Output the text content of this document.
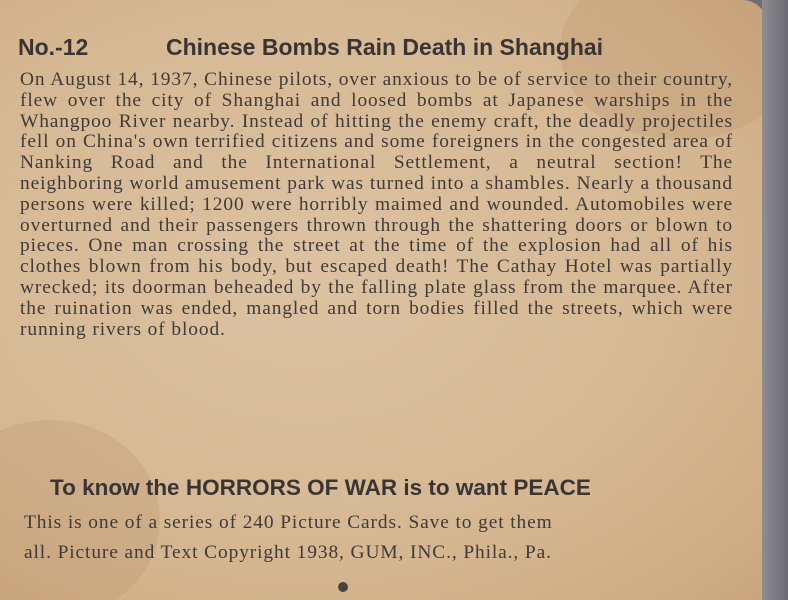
No.-12	Chinese Bombs Rain Death in Shanghai

On August 14, 1937, Chinese pilots, over anxious to be of service to their country, flew over the city of Shanghai and loosed bombs at Japanese warships in the Whangpoo River nearby. Instead of hitting the enemy craft, the deadly projectiles fell on China's own terrified citizens and some foreigners in the congested area of Nanking Road and the International Settlement, a neutral section! The neighboring world amusement park was turned into a shambles. Nearly a thousand persons were killed; 1200 were horribly maimed and wounded. Automobiles were overturned and their passengers thrown through the shattering doors or blown to pieces. One man crossing the street at the time of the explosion had all of his clothes blown from his body, but escaped death! The Cathay Hotel was partially wrecked; its doorman beheaded by the falling plate glass from the marquee. After the ruination was ended, mangled and torn bodies filled the streets, which were running rivers of blood.

To know the HORRORS OF WAR is to want PEACE
This is one of a series of 240 Picture Cards. Save to get them
all. Picture and Text Copyright 1938, GUM, INC., Phila., Pa.
